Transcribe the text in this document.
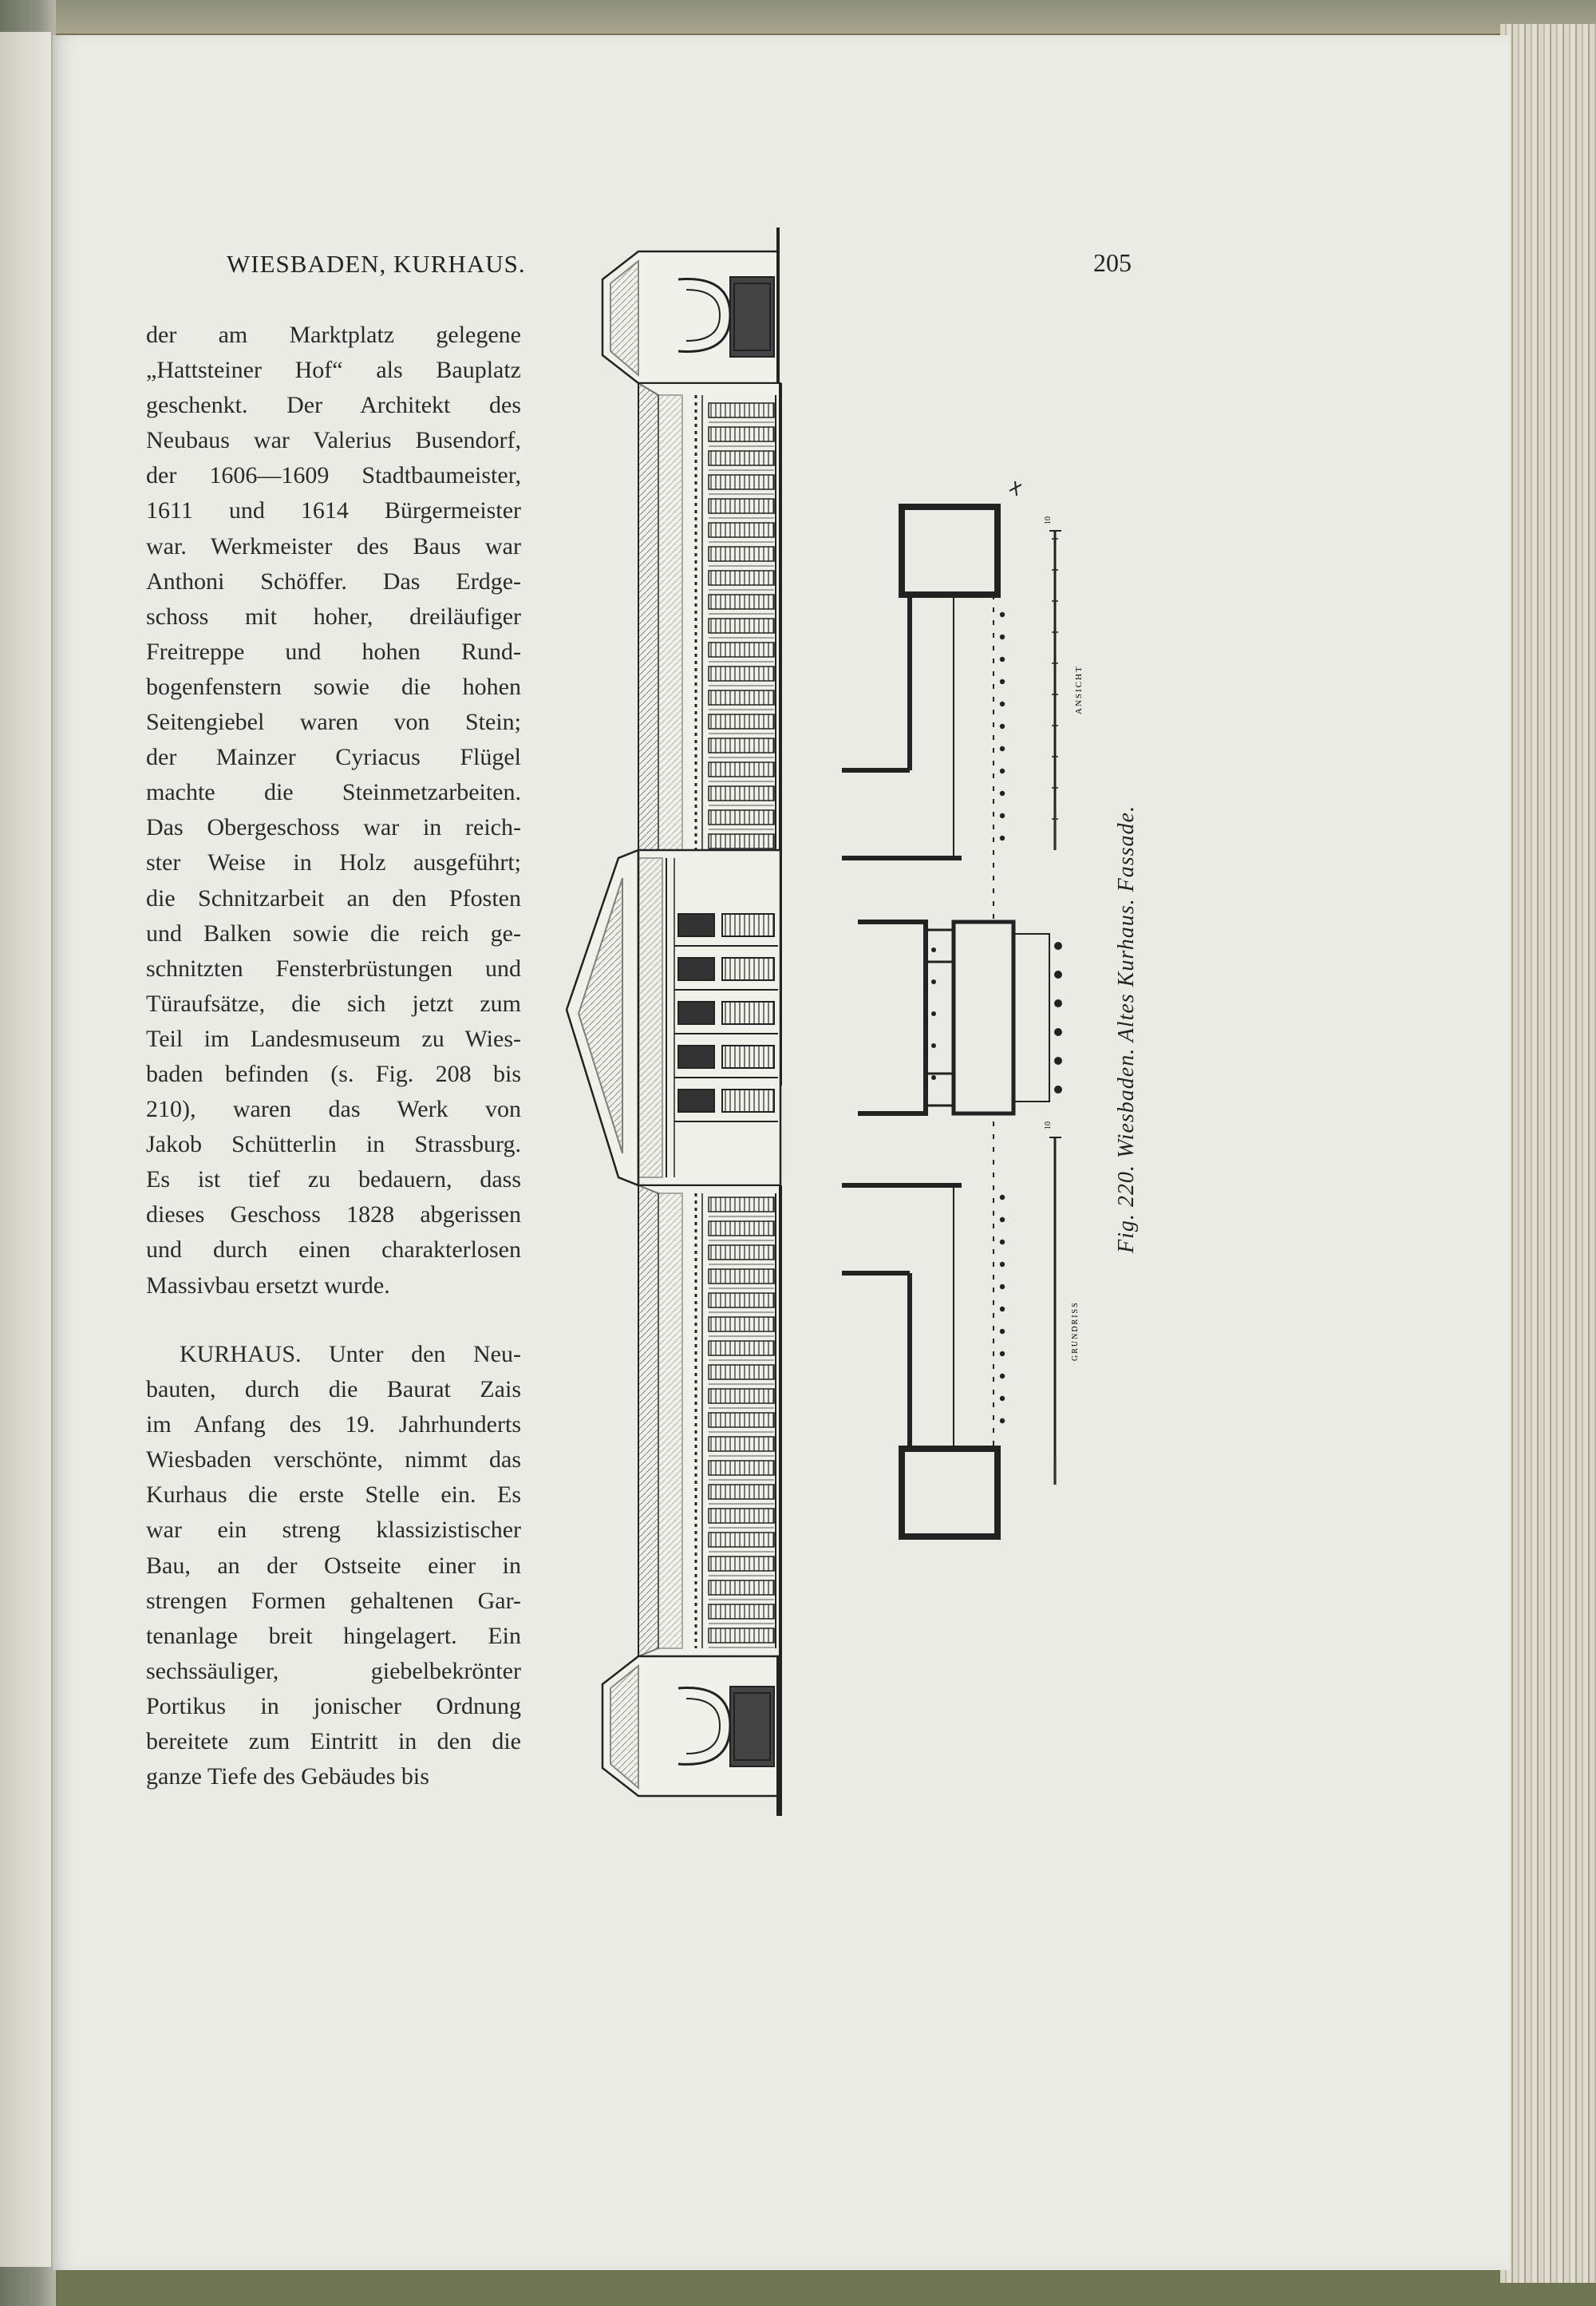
WIESBADEN, KURHAUS.	205
der am Marktplatz gelegene
„Hattsteiner Hof“ als Bauplatz
geschenkt. Der Architekt des
Neubaus war Valerius Busendorf,
der 1606—1609 Stadtbaumeister,
1611 und 1614 Bürgermeister
war. Werkmeister des Baus war
Anthoni Schöffer. Das Erdge-
schoss mit hoher, dreiläufiger
Freitreppe und hohen Rund-
bogenfenstern sowie die hohen
Seitengiebel waren von Stein;
der Mainzer Cyriacus Flügel
machte die Steinmetzarbeiten.
Das Obergeschoss war in reich-
ster Weise in Holz ausgeführt;
die Schnitzarbeit an den Pfosten
und Balken sowie die reich ge-
schnitzten Fensterbrüstungen und
Türaufsätze, die sich jetzt zum
Teil im Landesmuseum zu Wies-
baden befinden (s. Fig. 208 bis
210), waren das Werk von
Jakob Schütterlin in Strassburg.
Es ist tief zu bedauern, dass
dieses Geschoss 1828 abgerissen
und durch einen charakterlosen
Massivbau ersetzt wurde.
KURHAUS. Unter den Neu-
bauten, durch die Baurat Zais
im Anfang des 19. Jahrhunderts
Wiesbaden verschönte, nimmt das
Kurhaus die erste Stelle ein. Es
war ein streng klassizistischer
Bau, an der Ostseite einer in
strengen Formen gehaltenen Gar-
tenanlage breit hingelagert. Ein
sechssäuliger, giebelbekrönter
Portikus in jonischer Ordnung
bereitete zum Eintritt in den die
ganze Tiefe des Gebäudes bis
10
ANSICHT
10
GRUNDRISS
Fig. 220. Wiesbaden. Altes Kurhaus. Fassade.
